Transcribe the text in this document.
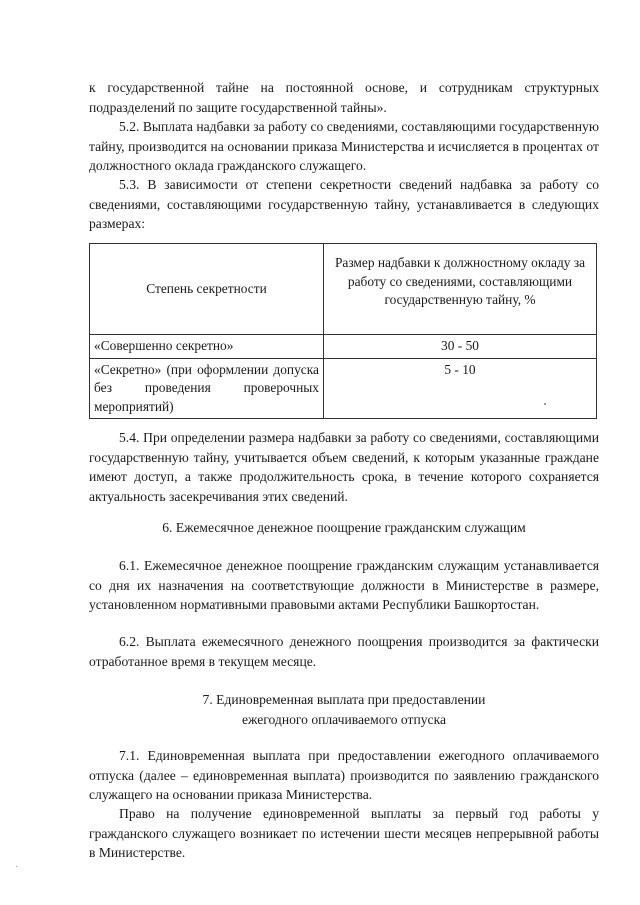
к государственной тайне на постоянной основе, и сотрудникам структурных подразделений по защите государственной тайны».
5.2. Выплата надбавки за работу со сведениями, составляющими государственную тайну, производится на основании приказа Министерства и исчисляется в процентах от должностного оклада гражданского служащего.
5.3. В зависимости от степени секретности сведений надбавка за работу со сведениями, составляющими государственную тайну, устанавливается в следующих размерах:
Степень секретности	Размер надбавки к должностному окладу за работу со сведениями, составляющими государственную тайну, %
«Совершенно секретно»	30 - 50
«Секретно» (при оформлении допуска без проведения проверочных мероприятий)	5 - 10
5.4. При определении размера надбавки за работу со сведениями, составляющими государственную тайну, учитывается объем сведений, к которым указанные граждане имеют доступ, а также продолжительность срока, в течение которого сохраняется актуальность засекречивания этих сведений.
6. Ежемесячное денежное поощрение гражданским служащим
6.1. Ежемесячное денежное поощрение гражданским служащим устанавливается со дня их назначения на соответствующие должности в Министерстве в размере, установленном нормативными правовыми актами Республики Башкортостан.
6.2. Выплата ежемесячного денежного поощрения производится за фактически отработанное время в текущем месяце.
7. Единовременная выплата при предоставлении
ежегодного оплачиваемого отпуска
7.1. Единовременная выплата при предоставлении ежегодного оплачиваемого отпуска (далее – единовременная выплата) производится по заявлению гражданского служащего на основании приказа Министерства.
Право на получение единовременной выплаты за первый год работы у гражданского служащего возникает по истечении шести месяцев непрерывной работы в Министерстве.
